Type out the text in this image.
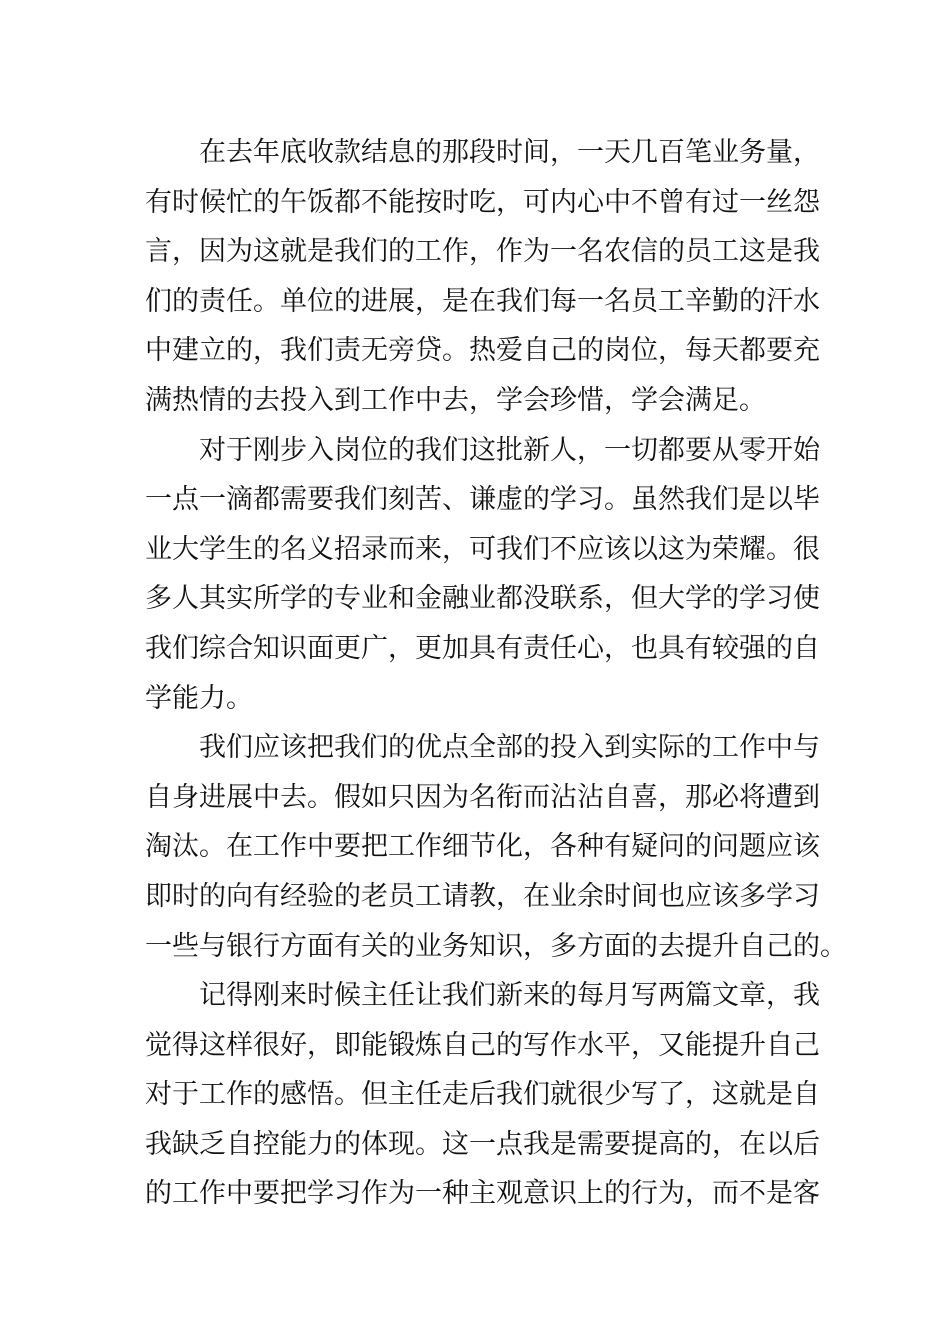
在去年底收款结息的那段时间，一天几百笔业务量，
有时候忙的午饭都不能按时吃，可内心中不曾有过一丝怨
言，因为这就是我们的工作，作为一名农信的员工这是我
们的责任。单位的进展，是在我们每一名员工辛勤的汗水
中建立的，我们责无旁贷。热爱自己的岗位，每天都要充
满热情的去投入到工作中去，学会珍惜，学会满足。

对于刚步入岗位的我们这批新人，一切都要从零开始
一点一滴都需要我们刻苦、谦虚的学习。虽然我们是以毕
业大学生的名义招录而来，可我们不应该以这为荣耀。很
多人其实所学的专业和金融业都没联系，但大学的学习使
我们综合知识面更广，更加具有责任心，也具有较强的自
学能力。

我们应该把我们的优点全部的投入到实际的工作中与
自身进展中去。假如只因为名衔而沾沾自喜，那必将遭到
淘汰。在工作中要把工作细节化，各种有疑问的问题应该
即时的向有经验的老员工请教，在业余时间也应该多学习
一些与银行方面有关的业务知识，多方面的去提升自己的。

记得刚来时候主任让我们新来的每月写两篇文章，我
觉得这样很好，即能锻炼自己的写作水平，又能提升自己
对于工作的感悟。但主任走后我们就很少写了，这就是自
我缺乏自控能力的体现。这一点我是需要提高的，在以后
的工作中要把学习作为一种主观意识上的行为，而不是客
